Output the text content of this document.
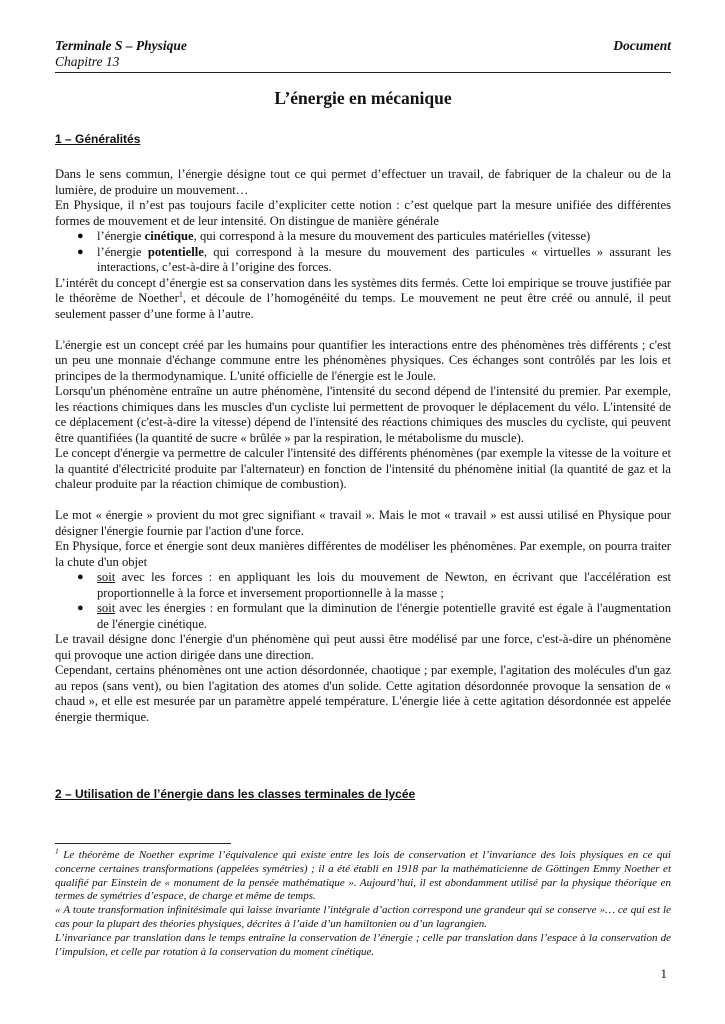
Terminale S – Physique
Chapitre 13
Document
L’énergie en mécanique
1 – Généralités

Dans le sens commun, l’énergie désigne tout ce qui permet d’effectuer un travail, de fabriquer de la chaleur ou de la lumière, de produire un mouvement…

En Physique, il n’est pas toujours facile d’expliciter cette notion : c’est quelque part la mesure unifiée des différentes formes de mouvement et de leur intensité. On distingue de manière générale

● l’énergie cinétique, qui correspond à la mesure du mouvement des particules matérielles (vitesse)
● l’énergie potentielle, qui correspond à la mesure du mouvement des particules « virtuelles » assurant les interactions, c’est-à-dire à l’origine des forces.

L’intérêt du concept d’énergie est sa conservation dans les systèmes dits fermés. Cette loi empirique se trouve justifiée par le théorème de Noether$^1$, et découle de l’homogénéité du temps. Le mouvement ne peut être créé ou annulé, il peut seulement passer d’une forme à l’autre.

L'énergie est un concept créé par les humains pour quantifier les interactions entre des phénomènes très différents ; c'est un peu une monnaie d'échange commune entre les phénomènes physiques. Ces échanges sont contrôlés par les lois et principes de la thermodynamique. L'unité officielle de l'énergie est le Joule.

Lorsqu'un phénomène entraîne un autre phénomène, l'intensité du second dépend de l'intensité du premier. Par exemple, les réactions chimiques dans les muscles d'un cycliste lui permettent de provoquer le déplacement du vélo. L'intensité de ce déplacement (c'est-à-dire la vitesse) dépend de l'intensité des réactions chimiques des muscles du cycliste, qui peuvent être quantifiées (la quantité de sucre « brûlée » par la respiration, le métabolisme du muscle).

Le concept d'énergie va permettre de calculer l'intensité des différents phénomènes (par exemple la vitesse de la voiture et la quantité d'électricité produite par l'alternateur) en fonction de l'intensité du phénomène initial (la quantité de gaz et la chaleur produite par la réaction chimique de combustion).

Le mot « énergie » provient du mot grec signifiant « travail ». Mais le mot « travail » est aussi utilisé en Physique pour désigner l'énergie fournie par l'action d'une force.

En Physique, force et énergie sont deux manières différentes de modéliser les phénomènes. Par exemple, on pourra traiter la chute d'un objet

● soit avec les forces : en appliquant les lois du mouvement de Newton, en écrivant que l'accélération est proportionnelle à la force et inversement proportionnelle à la masse ;
● soit avec les énergies : en formulant que la diminution de l'énergie potentielle gravité est égale à l'augmentation de l'énergie cinétique.

Le travail désigne donc l'énergie d'un phénomène qui peut aussi être modélisé par une force, c'est-à-dire un phénomène qui provoque une action dirigée dans une direction.

Cependant, certains phénomènes ont une action désordonnée, chaotique ; par exemple, l'agitation des molécules d'un gaz au repos (sans vent), ou bien l'agitation des atomes d'un solide. Cette agitation désordonnée provoque la sensation de « chaud », et elle est mesurée par un paramètre appelé température. L'énergie liée à cette agitation désordonnée est appelée énergie thermique.

2 – Utilisation de l’énergie dans les classes terminales de lycée
$^1$ Le théorème de Noether exprime l’équivalence qui existe entre les lois de conservation et l’invariance des lois physiques en ce qui concerne certaines transformations (appelées symétries) ; il a été établi en 1918 par la mathématicienne de Göttingen Emmy Noether et qualifié par Einstein de « monument de la pensée mathématique ». Aujourd’hui, il est abondamment utilisé par la physique théorique en termes de symétries d’espace, de charge et même de temps.
« A toute transformation infinitésimale qui laisse invariante l’intégrale d’action correspond une grandeur qui se conserve »… ce qui est le cas pour la plupart des théories physiques, décrites à l’aide d’un hamiltonien ou d’un lagrangien.
L’invariance par translation dans le temps entraîne la conservation de l’énergie ; celle par translation dans l’espace à la conservation de l’impulsion, et celle par rotation à la conservation du moment cinétique.
1
